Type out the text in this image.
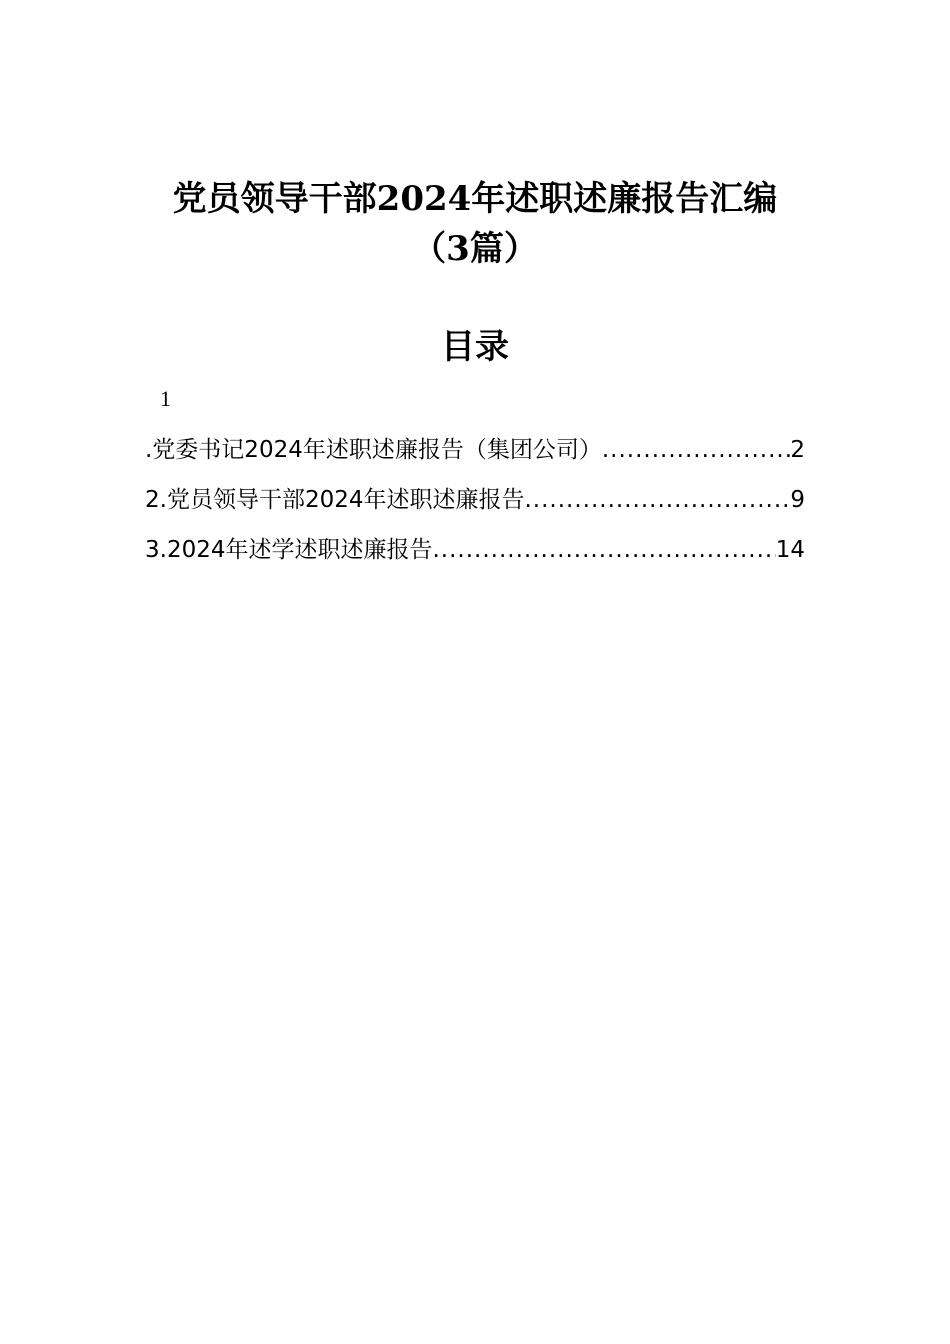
党员领导干部2024年述职述廉报告汇编
（3篇）
目录
1
.党委书记2024年述职述廉报告（集团公司） .....	2
2.党员领导干部2024年述职述廉报告 .....	9
3.2024年述学述职述廉报告 .....	14
